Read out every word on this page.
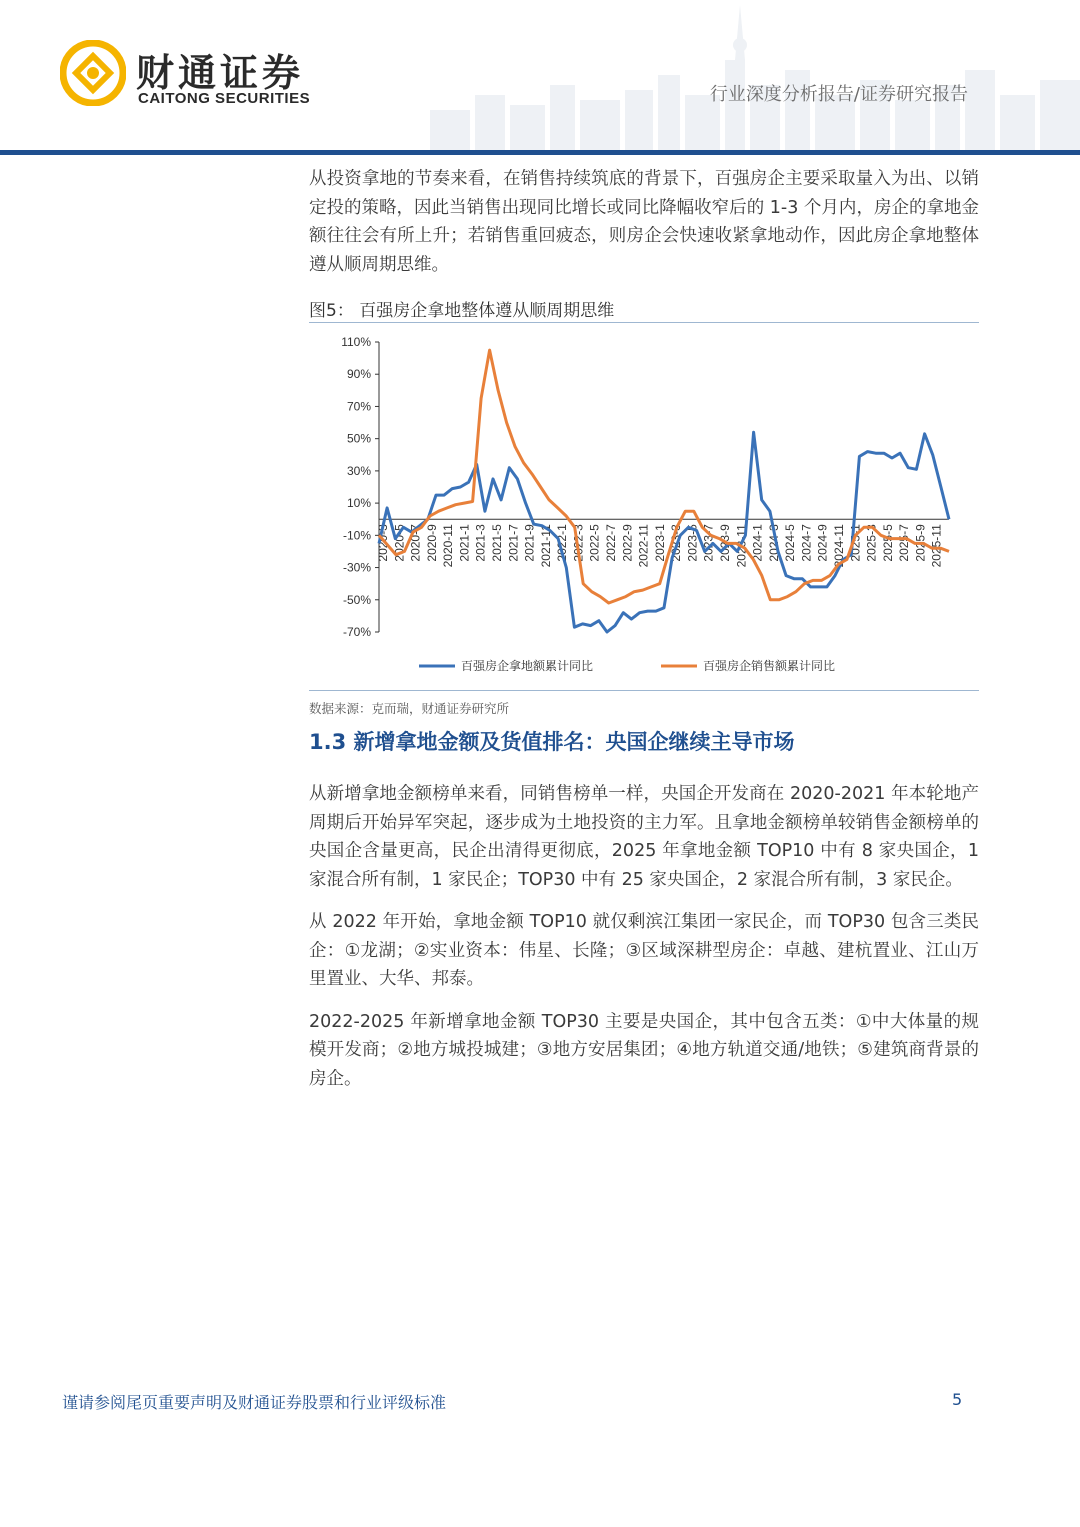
财通证券
CAITONG SECURITIES	行业深度分析报告/证券研究报告

从投资拿地的节奏来看，在销售持续筑底的背景下，百强房企主要采取量入为出、以销定投的策略，因此当销售出现同比增长或同比降幅收窄后的 1-3 个月内，房企的拿地金额往往会有所上升；若销售重回疲态，则房企会快速收紧拿地动作，因此房企拿地整体遵从顺周期思维。

图5： 百强房企拿地整体遵从顺周期思维
110%
90%
70%
50%
30%
10%
-10%
-30%
-50%
-70%
2020-3 2020-5 2020-7 2020-9 2020-11 2021-1 2021-3 2021-5 2021-7 2021-9 2021-11 2022-1 2022-3 2022-5 2022-7 2022-9 2022-11 2023-1 2023-3 2023-5 2023-7 2023-9 2023-11 2024-1 2024-3 2024-5 2024-7 2024-9 2024-11 2025-1 2025-3 2025-5 2025-7 2025-9 2025-11
百强房企拿地额累计同比	百强房企销售额累计同比
数据来源：克而瑞，财通证券研究所
1.3 新增拿地金额及货值排名：央国企继续主导市场

从新增拿地金额榜单来看，同销售榜单一样，央国企开发商在 2020-2021 年本轮地产周期后开始异军突起，逐步成为土地投资的主力军。且拿地金额榜单较销售金额榜单的央国企含量更高，民企出清得更彻底，2025 年拿地金额 TOP10 中有 8 家央国企，1 家混合所有制，1 家民企；TOP30 中有 25 家央国企，2 家混合所有制，3 家民企。

从 2022 年开始，拿地金额 TOP10 就仅剩滨江集团一家民企，而 TOP30 包含三类民企：①龙湖；②实业资本：伟星、长隆；③区域深耕型房企：卓越、建杭置业、江山万里置业、大华、邦泰。

2022-2025 年新增拿地金额 TOP30 主要是央国企，其中包含五类：①中大体量的规模开发商；②地方城投城建；③地方安居集团；④地方轨道交通/地铁；⑤建筑商背景的房企。

谨请参阅尾页重要声明及财通证券股票和行业评级标准	5
